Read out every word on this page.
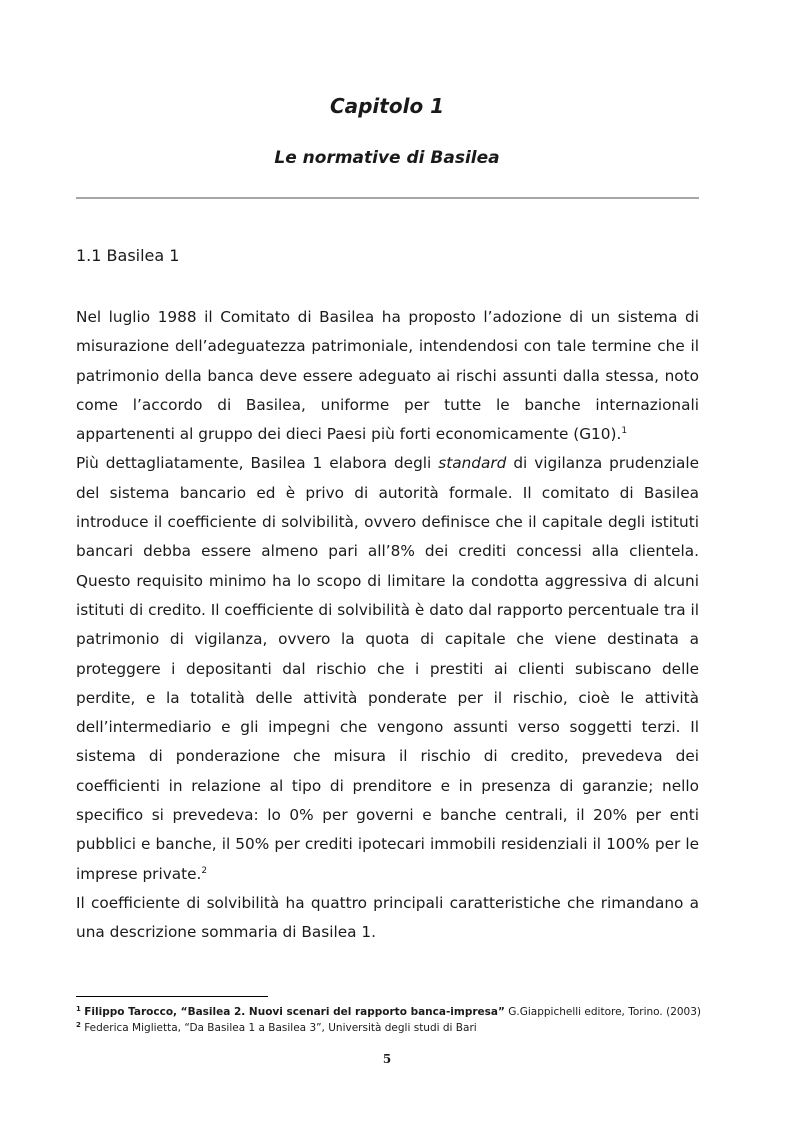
Capitolo 1
Le normative di Basilea
1.1 Basilea 1

Nel luglio 1988 il Comitato di Basilea ha proposto l’adozione di un sistema di misurazione dell’adeguatezza patrimoniale, intendendosi con tale termine che il patrimonio della banca deve essere adeguato ai rischi assunti dalla stessa, noto come l’accordo di Basilea, uniforme per tutte le banche internazionali appartenenti al gruppo dei dieci Paesi più forti economicamente (G10).$^1$

Più dettagliatamente, Basilea 1 elabora degli standard di vigilanza prudenziale del sistema bancario ed è privo di autorità formale. Il comitato di Basilea introduce il coefficiente di solvibilità, ovvero definisce che il capitale degli istituti bancari debba essere almeno pari all’8% dei crediti concessi alla clientela. Questo requisito minimo ha lo scopo di limitare la condotta aggressiva di alcuni istituti di credito. Il coefficiente di solvibilità è dato dal rapporto percentuale tra il patrimonio di vigilanza, ovvero la quota di capitale che viene destinata a proteggere i depositanti dal rischio che i prestiti ai clienti subiscano delle perdite, e la totalità delle attività ponderate per il rischio, cioè le attività dell’intermediario e gli impegni che vengono assunti verso soggetti terzi. Il sistema di ponderazione che misura il rischio di credito, prevedeva dei coefficienti in relazione al tipo di prenditore e in presenza di garanzie; nello specifico si prevedeva: lo 0% per governi e banche centrali, il 20% per enti pubblici e banche, il 50% per crediti ipotecari immobili residenziali il 100% per le imprese private.$^2$

Il coefficiente di solvibilità ha quattro principali caratteristiche che rimandano a una descrizione sommaria di Basilea 1.

$^1$ Filippo Tarocco, “Basilea 2. Nuovi scenari del rapporto banca-impresa” G.Giappichelli editore, Torino. (2003)
$^2$ Federica Miglietta, “Da Basilea 1 a Basilea 3”, Università degli studi di Bari
5
